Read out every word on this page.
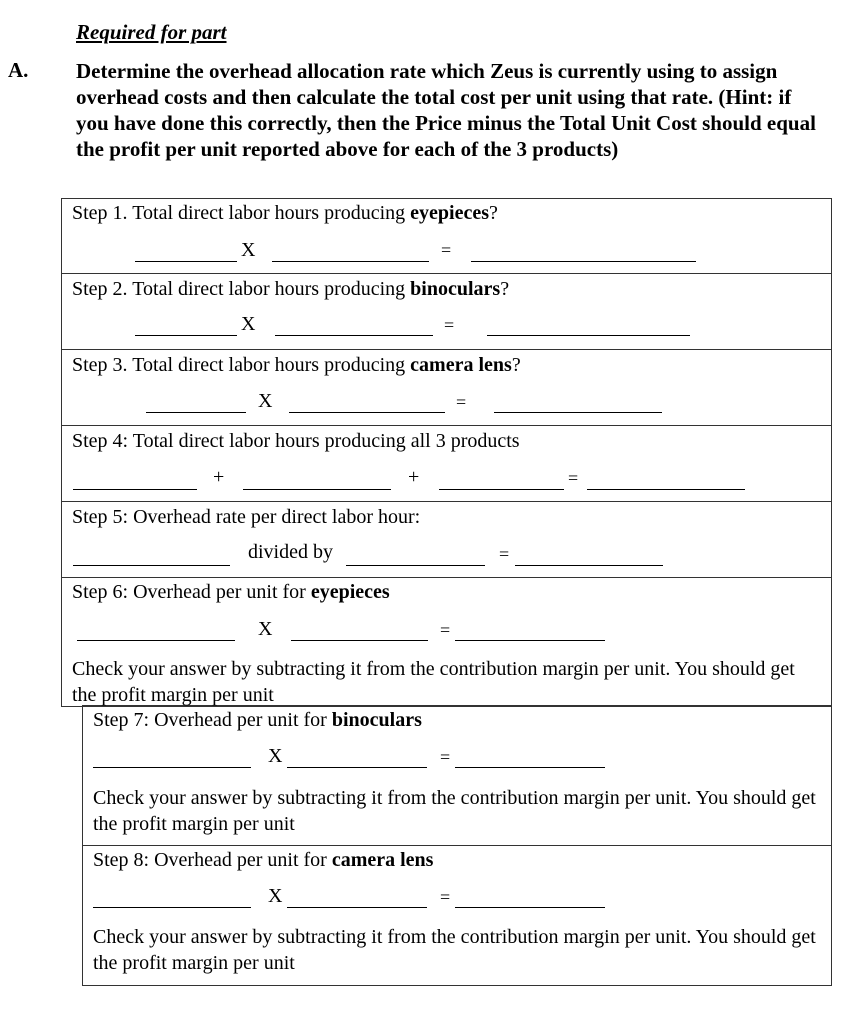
Required for part
A. Determine the overhead allocation rate which Zeus is currently using to assign overhead costs and then calculate the total cost per unit using that rate. (Hint: if you have done this correctly, then the Price minus the Total Unit Cost should equal the profit per unit reported above for each of the 3 products)
Step 1. Total direct labor hours producing eyepieces?
X	=
Step 2. Total direct labor hours producing binoculars?
X	=
Step 3. Total direct labor hours producing camera lens?
X	=
Step 4: Total direct labor hours producing all 3 products
+	+	=
Step 5: Overhead rate per direct labor hour:
divided by	=
Step 6: Overhead per unit for eyepieces
X	=
Check your answer by subtracting it from the contribution margin per unit. You should get the profit margin per unit
Step 7: Overhead per unit for binoculars
X	=
Check your answer by subtracting it from the contribution margin per unit. You should get the profit margin per unit
Step 8: Overhead per unit for camera lens
X	=
Check your answer by subtracting it from the contribution margin per unit. You should get the profit margin per unit
